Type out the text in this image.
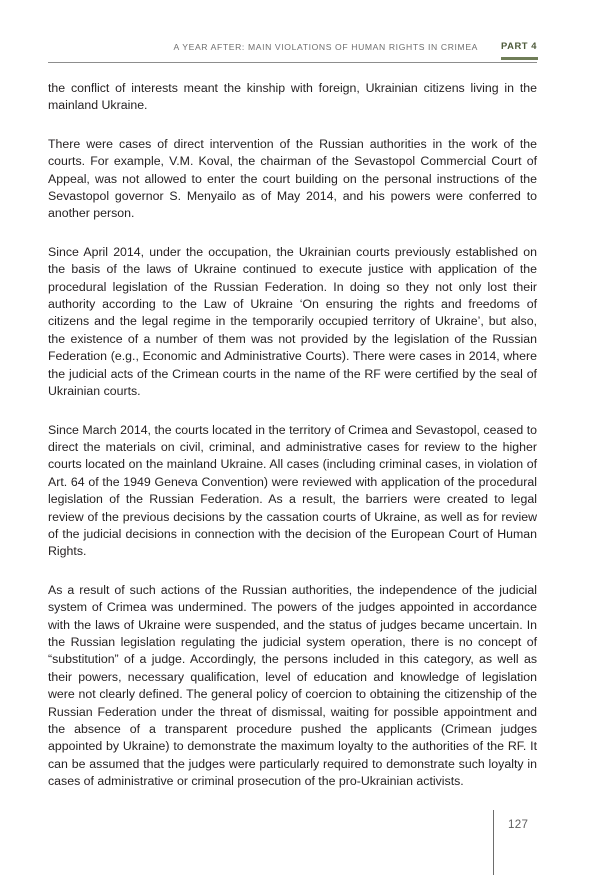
A YEAR AFTER: MAIN VIOLATIONS OF HUMAN RIGHTS IN CRIMEA PART 4

the conflict of interests meant the kinship with foreign, Ukrainian citizens living in the mainland Ukraine.

There were cases of direct intervention of the Russian authorities in the work of the courts. For example, V.M. Koval, the chairman of the Sevastopol Commercial Court of Appeal, was not allowed to enter the court building on the personal instructions of the Sevastopol governor S. Menyailo as of May 2014, and his powers were conferred to another person.

Since April 2014, under the occupation, the Ukrainian courts previously established on the basis of the laws of Ukraine continued to execute justice with application of the procedural legislation of the Russian Federation. In doing so they not only lost their authority according to the Law of Ukraine ‘On ensuring the rights and freedoms of citizens and the legal regime in the temporarily occupied territory of Ukraine’, but also, the existence of a number of them was not provided by the legislation of the Russian Federation (e.g., Economic and Administrative Courts). There were cases in 2014, where the judicial acts of the Crimean courts in the name of the RF were certified by the seal of Ukrainian courts.

Since March 2014, the courts located in the territory of Crimea and Sevastopol, ceased to direct the materials on civil, criminal, and administrative cases for review to the higher courts located on the mainland Ukraine. All cases (including criminal cases, in violation of Art. 64 of the 1949 Geneva Convention) were reviewed with application of the procedural legislation of the Russian Federation. As a result, the barriers were created to legal review of the previous decisions by the cassation courts of Ukraine, as well as for review of the judicial decisions in connection with the decision of the European Court of Human Rights.

As a result of such actions of the Russian authorities, the independence of the judicial system of Crimea was undermined. The powers of the judges appointed in accordance with the laws of Ukraine were suspended, and the status of judges became uncertain. In the Russian legislation regulating the judicial system operation, there is no concept of “substitution” of a judge. Accordingly, the persons included in this category, as well as their powers, necessary qualification, level of education and knowledge of legislation were not clearly defined. The general policy of coercion to obtaining the citizenship of the Russian Federation under the threat of dismissal, waiting for possible appointment and the absence of a transparent procedure pushed the applicants (Crimean judges appointed by Ukraine) to demonstrate the maximum loyalty to the authorities of the RF. It can be assumed that the judges were particularly required to demonstrate such loyalty in cases of administrative or criminal prosecution of the pro-Ukrainian activists.

127
